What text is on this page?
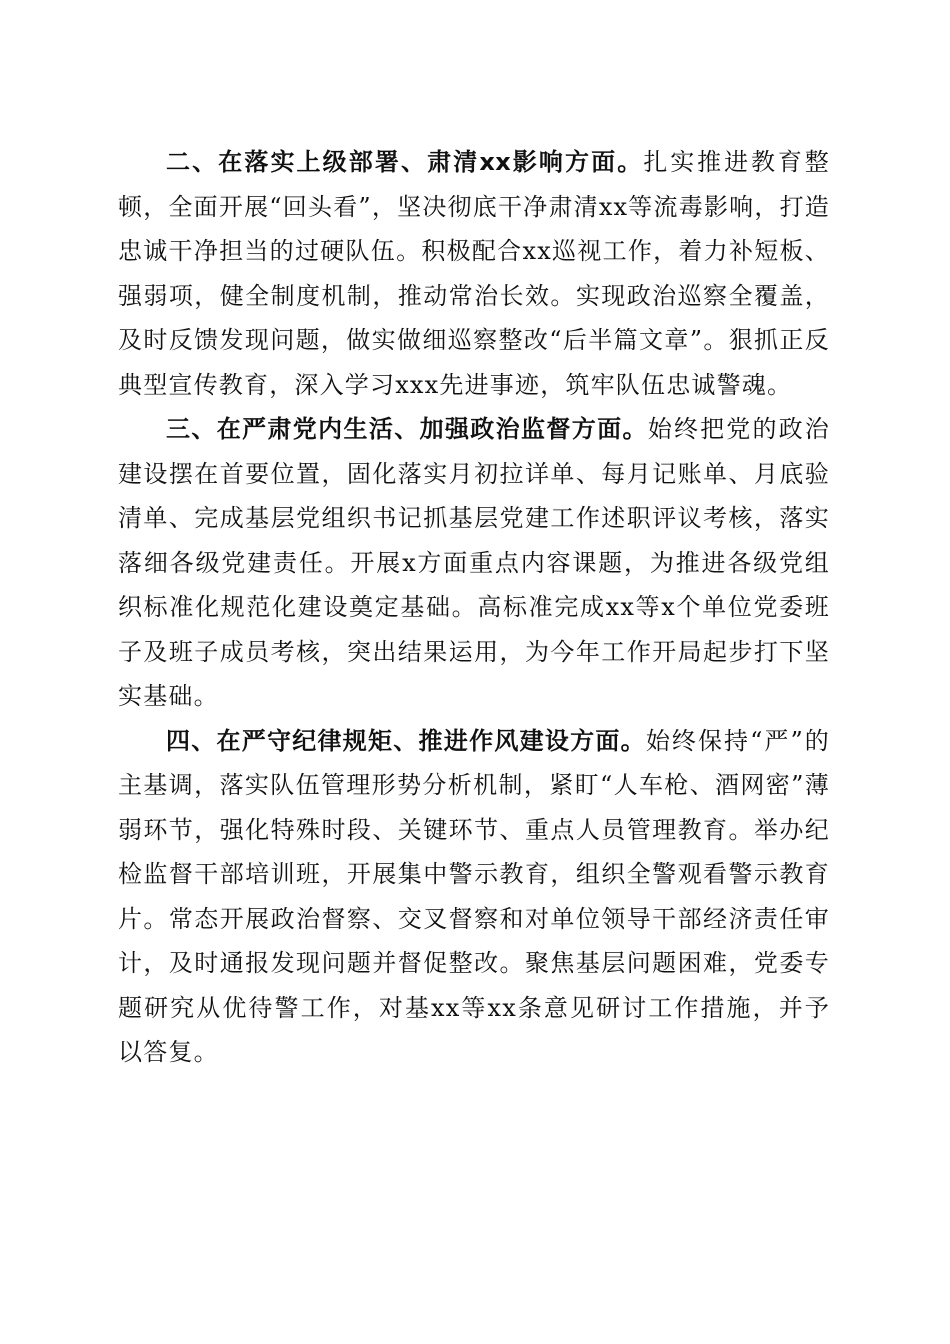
二、在落实上级部署、肃清xx影响方面。扎实推进教育整顿，全面开展“回头看”，坚决彻底干净肃清xx等流毒影响，打造忠诚干净担当的过硬队伍。积极配合xx巡视工作，着力补短板、强弱项，健全制度机制，推动常治长效。实现政治巡察全覆盖，及时反馈发现问题，做实做细巡察整改“后半篇文章”。狠抓正反典型宣传教育，深入学习xxx先进事迹，筑牢队伍忠诚警魂。

三、在严肃党内生活、加强政治监督方面。始终把党的政治建设摆在首要位置，固化落实月初拉详单、每月记账单、月底验清单、完成基层党组织书记抓基层党建工作述职评议考核，落实落细各级党建责任。开展x方面重点内容课题，为推进各级党组织标准化规范化建设奠定基础。高标准完成xx等x个单位党委班子及班子成员考核，突出结果运用，为今年工作开局起步打下坚实基础。

四、在严守纪律规矩、推进作风建设方面。始终保持“严”的主基调，落实队伍管理形势分析机制，紧盯“人车枪、酒网密”薄弱环节，强化特殊时段、关键环节、重点人员管理教育。举办纪检监督干部培训班，开展集中警示教育，组织全警观看警示教育片。常态开展政治督察、交叉督察和对单位领导干部经济责任审计，及时通报发现问题并督促整改。聚焦基层问题困难，党委专题研究从优待警工作，对基xx等xx条意见研讨工作措施，并予以答复。
